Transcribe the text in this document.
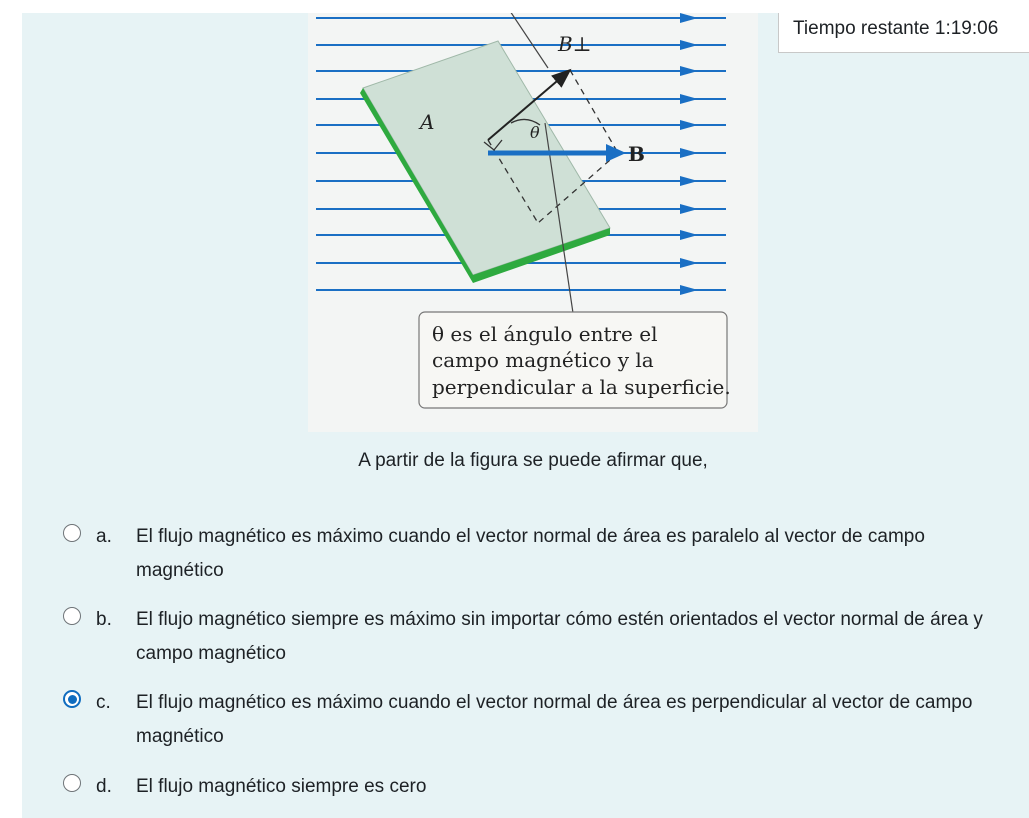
B⊥
A	θ
B
θ es el ángulo entre el
campo magnético y la
perpendicular a la superficie.
Tiempo restante 1:19:06
A partir de la figura se puede afirmar que,
a. El flujo magnético es máximo cuando el vector normal de área es paralelo al vector de campo magnético
b. El flujo magnético siempre es máximo sin importar cómo estén orientados el vector normal de área y campo magnético
c. El flujo magnético es máximo cuando el vector normal de área es perpendicular al vector de campo magnético
d. El flujo magnético siempre es cero
